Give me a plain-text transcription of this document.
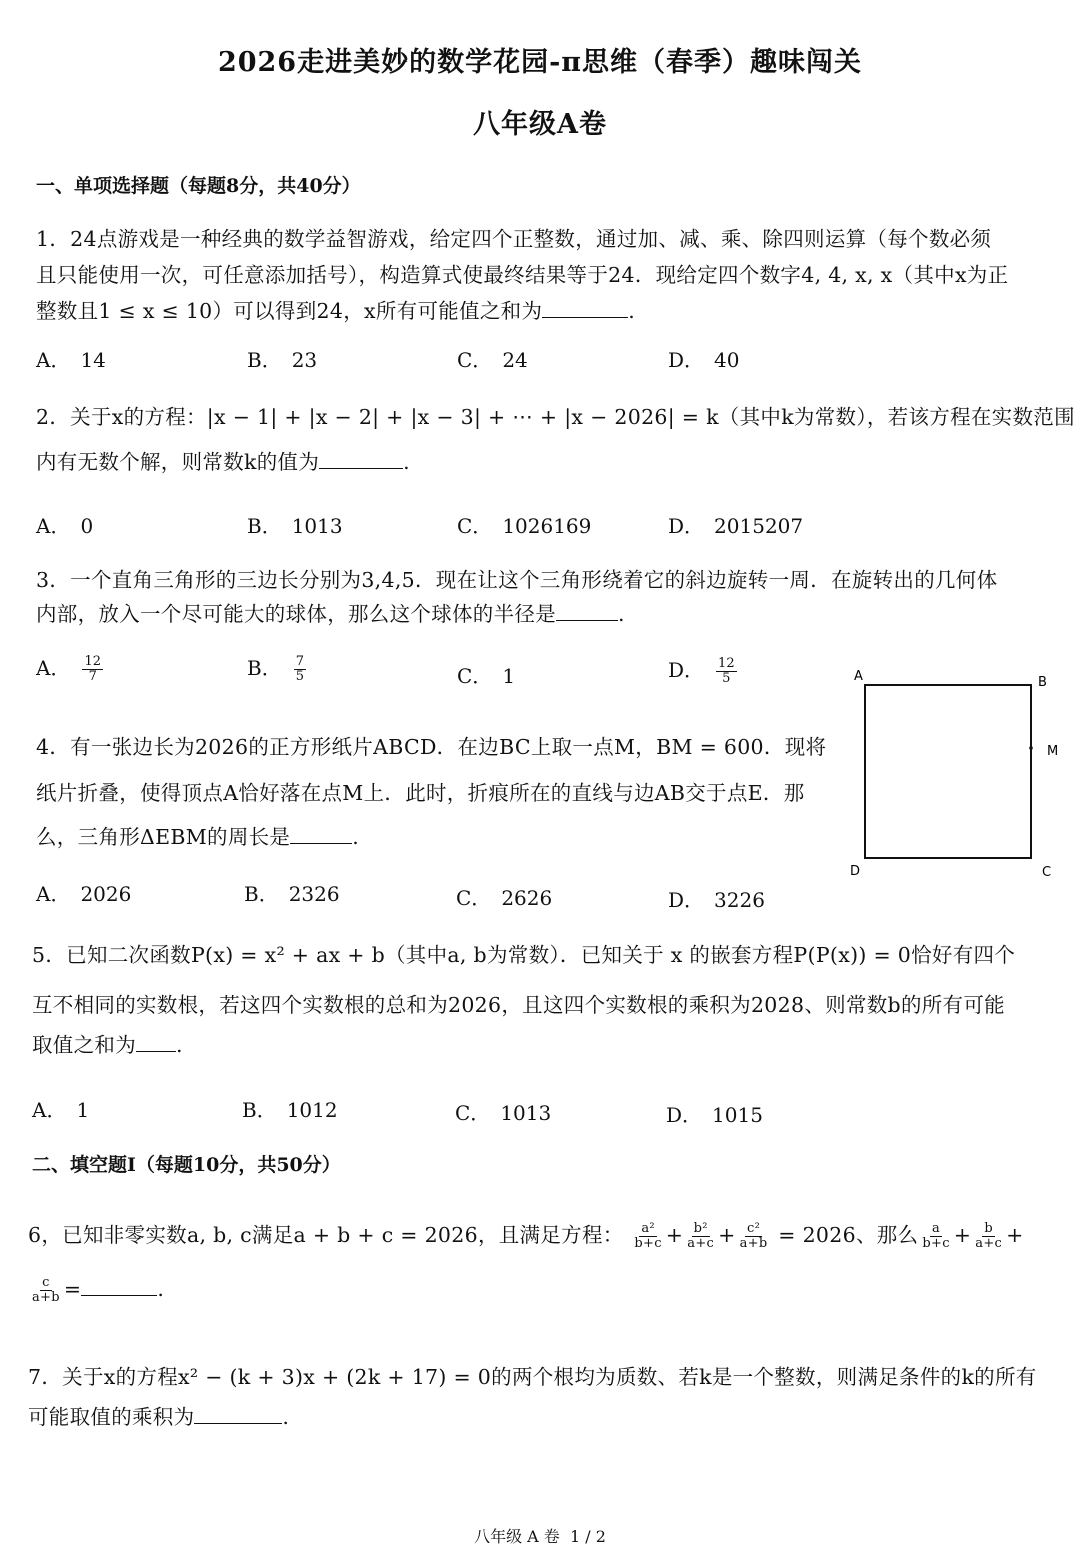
2026走进美妙的数学花园-π思维（春季）趣味闯关
八年级A卷
一、单项选择题（每题8分，共40分）
1．24点游戏是一种经典的数学益智游戏，给定四个正整数，通过加、减、乘、除四则运算（每个数必须
且只能使用一次，可任意添加括号），构造算式使最终结果等于24．现给定四个数字4, 4, x, x（其中x为正
整数且1 ≤ x ≤ 10）可以得到24，x所有可能值之和为	.
A． 14	B． 23	C． 24	D． 40
2．关于x的方程：|x − 1| + |x − 2| + |x − 3| + ⋯ + |x − 2026| = k（其中k为常数），若该方程在实数范围
内有无数个解，则常数k的值为	.
A． 0	B． 1013	C． 1026169	D． 2015207
3．一个直角三角形的三边长分别为3,4,5．现在让这个三角形绕着它的斜边旋转一周．在旋转出的几何体
内部，放入一个尽可能大的球体，那么这个球体的半径是	.
A． $\frac{12}{7}$	B． $\frac{7}{5}$	C． 1	D． $\frac{12}{5}$	A	B
M
D	C
4．有一张边长为2026的正方形纸片ABCD．在边BC上取一点M，BM = 600．现将
纸片折叠，使得顶点A恰好落在点M上．此时，折痕所在的直线与边AB交于点E．那
么，三角形ΔEBM的周长是	.
A． 2026	B． 2326	C． 2626	D． 3226
5．已知二次函数P(x) = x² + ax + b（其中a, b为常数）．已知关于 x 的嵌套方程P(P(x)) = 0恰好有四个
互不相同的实数根，若这四个实数根的总和为2026，且这四个实数根的乘积为2028、则常数b的所有可能
取值之和为 .
A． 1	B． 1012	C． 1013	D． 1015
二、填空题Ⅰ（每题10分，共50分）
6，已知非零实数a, b, c满足a + b + c = 2026，且满足方程： $\frac{\text{a²}}{b+c} + \frac{\text{b²}}{a+c} + \frac{\text{c²}}{a+b} = 2026$、那么 $\frac{a}{b+c} + \frac{b}{a+c}$ +
$\frac{c}{a+b}$ =	.
7．关于x的方程x² − (k + 3)x + (2k + 17) = 0的两个根均为质数、若k是一个整数，则满足条件的k的所有
可能取值的乘积为	.
八年级 A 卷  1 / 2
